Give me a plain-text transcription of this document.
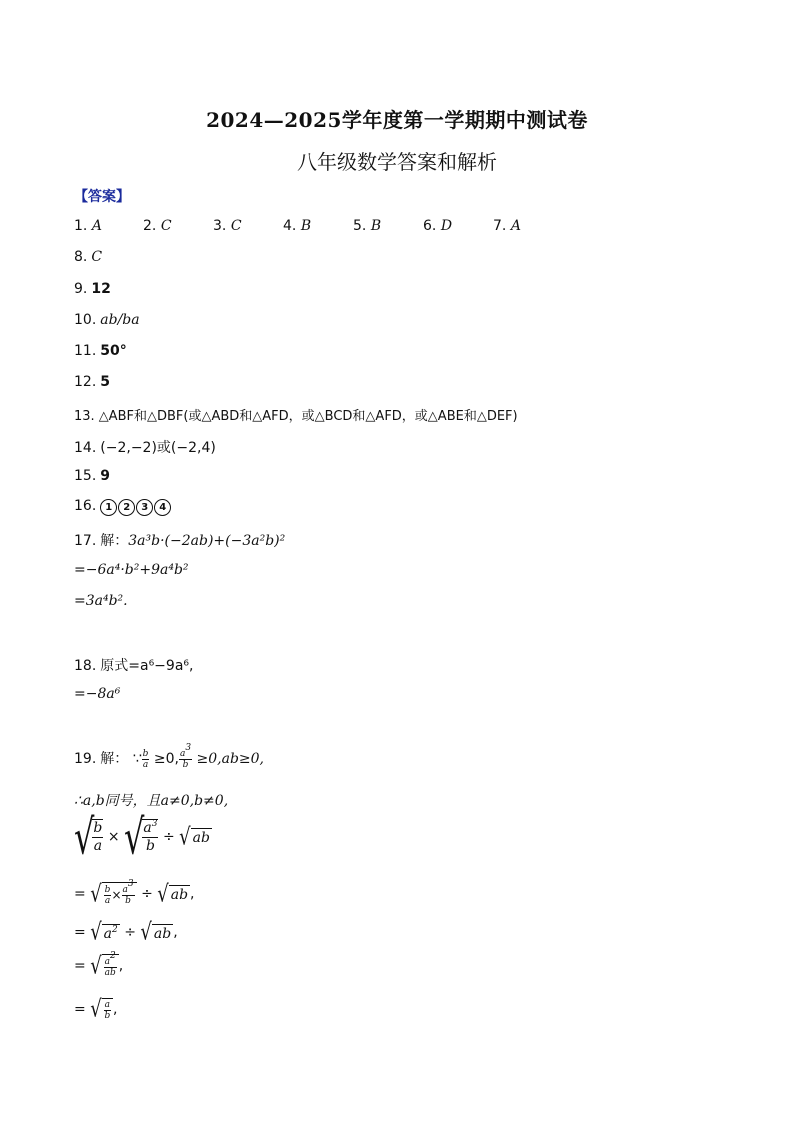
2024—2025学年度第一学期期中测试卷
八年级数学答案和解析
【答案】
1. A	2. C	3. C	4. B	5. B	6. D	7. A
8. C
9. 12
10. ab/ba
11. 50°
12. 5
13. △ABF和△DBF(或△ABD和△AFD，或△BCD和△AFD，或△ABE和△DEF)
14. (−2,−2)或(−2,4)
15. 9
16. 1 2 3 4
17. 解：3a³b·(−2ab)+(−3a²b)²
=−6a⁴·b²+9a⁴b²
=3a⁴b².
18. 原式=a⁶−9a⁶,
=−8a⁶
19. 解： ∵ $\frac{b}{a} \ge 0$, $\frac{a^3}{b} \ge 0,ab\ge 0$,
∴a,b同号，且a≠0,b≠0,
√
$\frac{b}{a}$ × √
$\frac{a^3}{b}$ ÷ √ ab
= √ $\frac{b}{a} \times \frac{a^3}{b}$ ÷ √ ab ,
= √ $a^2$ ÷ √ ab ,
= √ $\frac{a^2}{ab}$ ,
= √ $\frac{a}{b}$ ,
